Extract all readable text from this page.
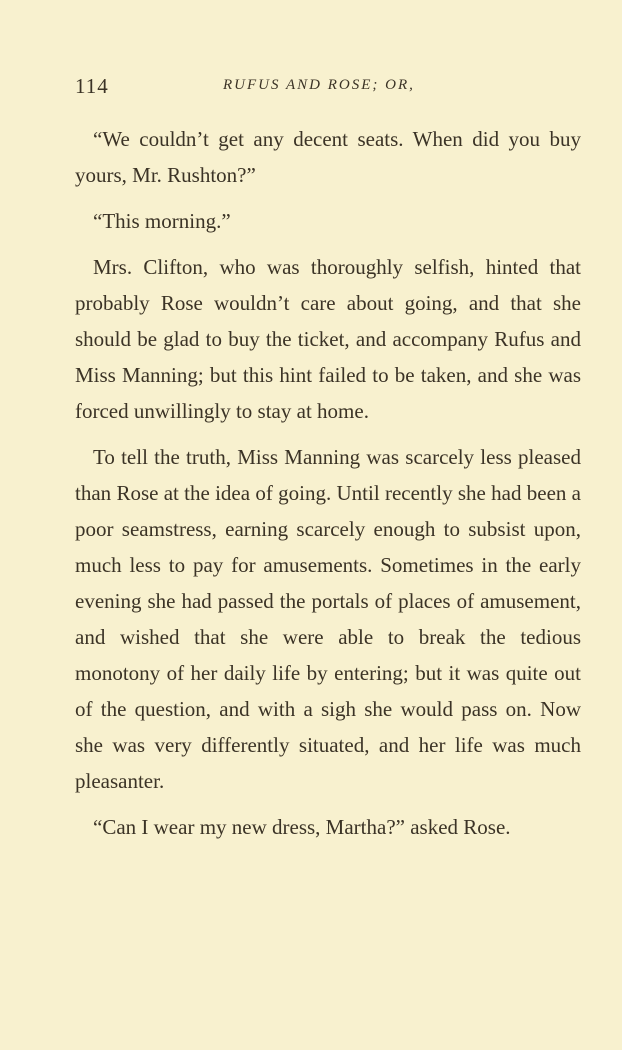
114	RUFUS AND ROSE; OR,

“We couldn’t get any decent seats. When did you buy yours, Mr. Rushton?”

“This morning.”

Mrs. Clifton, who was thoroughly selfish, hinted that probably Rose wouldn’t care about going, and that she should be glad to buy the ticket, and accompany Rufus and Miss Manning; but this hint failed to be taken, and she was forced unwillingly to stay at home.

To tell the truth, Miss Manning was scarcely less pleased than Rose at the idea of going. Until recently she had been a poor seamstress, earning scarcely enough to subsist upon, much less to pay for amusements. Sometimes in the early evening she had passed the portals of places of amusement, and wished that she were able to break the tedious monotony of her daily life by entering; but it was quite out of the question, and with a sigh she would pass on. Now she was very differently situated, and her life was much pleasanter.

“Can I wear my new dress, Martha?” asked Rose.
